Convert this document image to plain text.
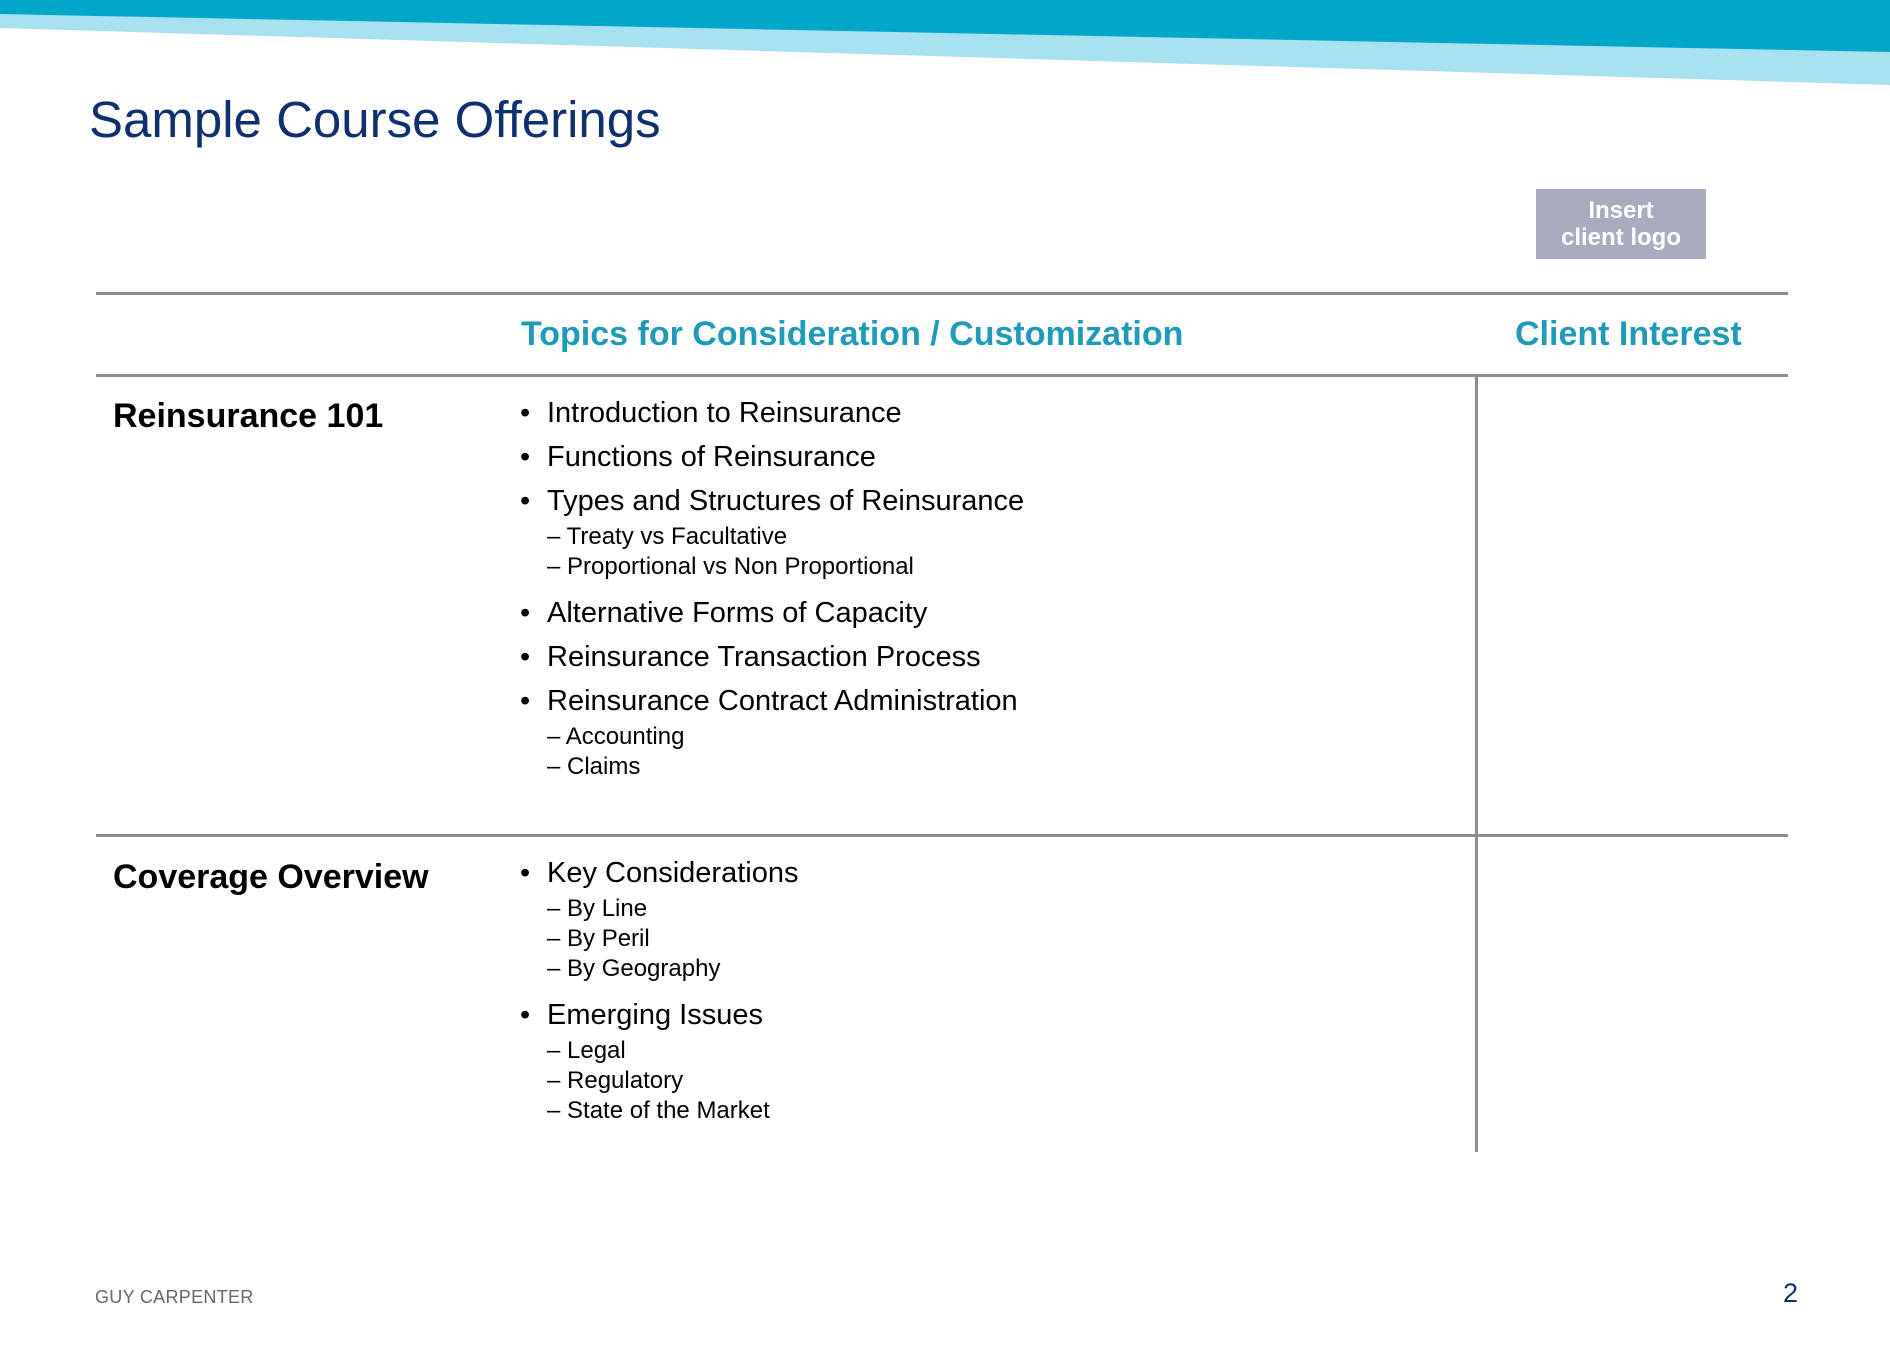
Sample Course Offerings
Insert
client logo
Topics for Consideration / Customization	Client Interest
Reinsurance 101	• Introduction to Reinsurance
• Functions of Reinsurance
• Types and Structures of Reinsurance
– Treaty vs Facultative
– Proportional vs Non Proportional
• Alternative Forms of Capacity
• Reinsurance Transaction Process
• Reinsurance Contract Administration
– Accounting
– Claims
Coverage Overview	• Key Considerations
– By Line
– By Peril
– By Geography
• Emerging Issues
– Legal
– Regulatory
– State of the Market
GUY CARPENTER	2
